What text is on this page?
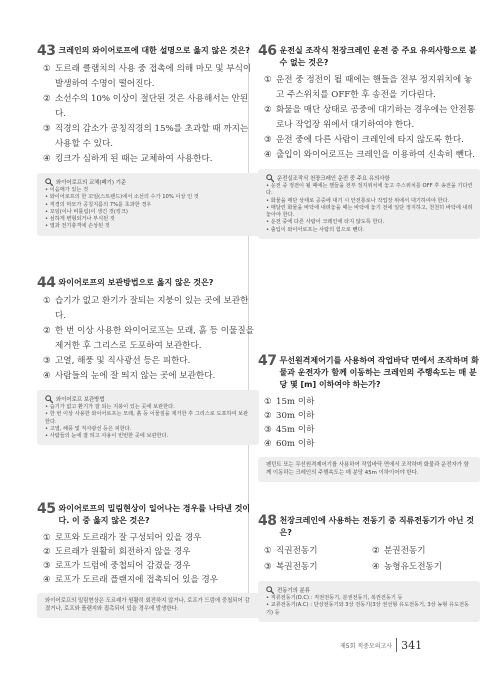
43 크레인의 와이어로프에 대한 설명으로 옳지 않은 것은?
① 도르래 클램치의 사용 중 접촉에 의해 마모 및 부식이 발생하여 수명이 떨어진다.
② 소선수의 10% 이상이 절단된 것은 사용해서는 안된다.
③ 직경의 감소가 공칭직경의 15%를 초과할 때 까지는 사용할 수 있다.
④ 킹크가 심하게 된 때는 교체하여 사용한다.
와이어로프의 교체(폐기) 기준
• 이음매가 있는 것
• 와이어로프의 한 꼬임(스트랜드)에서 소선의 수가 10% 이상 인 것
• 직경의 마모가 공칭지름의 7%를 초과한 경우
• 꼬임(이나 비틀림)이 생긴 것(킹크)
• 심하게 변형되거나 부식된 것
• 열과 전기충격에 손상된 것
44 와이어로프의 보관방법으로 옳지 않은 것은?
① 습기가 없고 환기가 잘되는 지붕이 있는 곳에 보관한다.
② 한 번 이상 사용한 와이어로프는 모래, 흙 등 이물질을 제거한 후 그리스로 도포하여 보관한다.
③ 고열, 해풍 및 직사광선 등은 피한다.
④ 사람들의 눈에 잘 띄지 않는 곳에 보관한다.
와이어로프 보관방법
• 습기가 없고 환기가 잘 되는 지붕이 있는 곳에 보관한다.
• 한 번 이상 사용한 와이어로프는 모래, 흙 등 이물질을 제거한 후 그리스로 도포하여 보관한다.
• 고열, 해풍 및 직사광선 등은 피한다.
• 사람들의 눈에 잘 띄고 사용이 빈번한 곳에 보관한다.
45 와이어로프의 밀림현상이 일어나는 경우를 나타낸 것이다. 이 중 옳지 않은 것은?
① 로프와 도르래가 잘 구성되어 있을 경우
② 도르래가 원활히 회전하지 않을 경우
③ 로프가 드럼에 중첩되어 감겼을 경우
④ 로프가 도르래 플랜지에 접촉되어 있을 경우
와이어로프의 밀림현상은 도르래가 원활히 회전하지 않거나, 로프가 드럼에 중첩되어 감겼거나, 로프와 플랜지와 접촉되어 있을 경우에 발생한다.
46 운전실 조작식 천장크레인 운전 중 주요 유의사항으로 볼 수 없는 것은?
① 운전 중 정전이 될 때에는 핸들을 전부 정지위치에 놓고 주스위치를 OFF한 후 송전을 기다린다.
② 화물을 매단 상태로 공중에 대기하는 경우에는 안전통로나 작업장 위에서 대기하여야 한다.
③ 운전 중에 다른 사람이 크레인에 타지 않도록 한다.
④ 출입이 와이어로프는 크레인을 이용하여 신속히 뺀다.
운전실조작식 천장크레인 운전 중 주요 유의사항
• 운전 중 정전이 될 때에는 핸들을 전부 정지위치에 놓고 주스위치를 OFF 후 송전을 기다린다.
• 화물을 매단 상태로 공중에 대기 시 안전통로나 작업장 위에서 대기하여야 한다.
• 매달린 화물을 바닥에 내려놓을 때는 바닥에 놓기 전에 일단 정지하고, 천천히 바닥에 내려 놓아야 한다.
• 운전 중에 다른 사람이 크레인에 타지 않도록 한다.
• 출입이 와이어로프는 사람의 힘으로 뺀다.
47 무선원격제어기를 사용하여 작업바닥 면에서 조작하며 화물과 운전자가 함께 이동하는 크레인의 주행속도는 매 분당 몇 [m] 이하여야 하는가?
① 15m 이하
② 30m 이하
③ 45m 이하
④ 60m 이하
펜던트 또는 무선원격제어기를 사용하여 작업바닥 면에서 조작하며 화물과 운전자가 함께 이동하는 크레인의 주행속도는 매 분당 45m 이하이어야 한다.
48 천장크레인에 사용하는 전동기 중 직류전동기가 아닌 것은?
① 직권전동기	② 분권전동기
③ 복권전동기	④ 농형유도전동기
전동기의 분류
• 직류전동기(D.C) : 직권전동기, 분권전동기, 복권전동기 등
• 교류전동기(A.C) : 단상전동기와 3상 전동기(3상 권선형 유도전동기, 3상 농형 유도전동기) 등
제5회 적중모의고사 341
